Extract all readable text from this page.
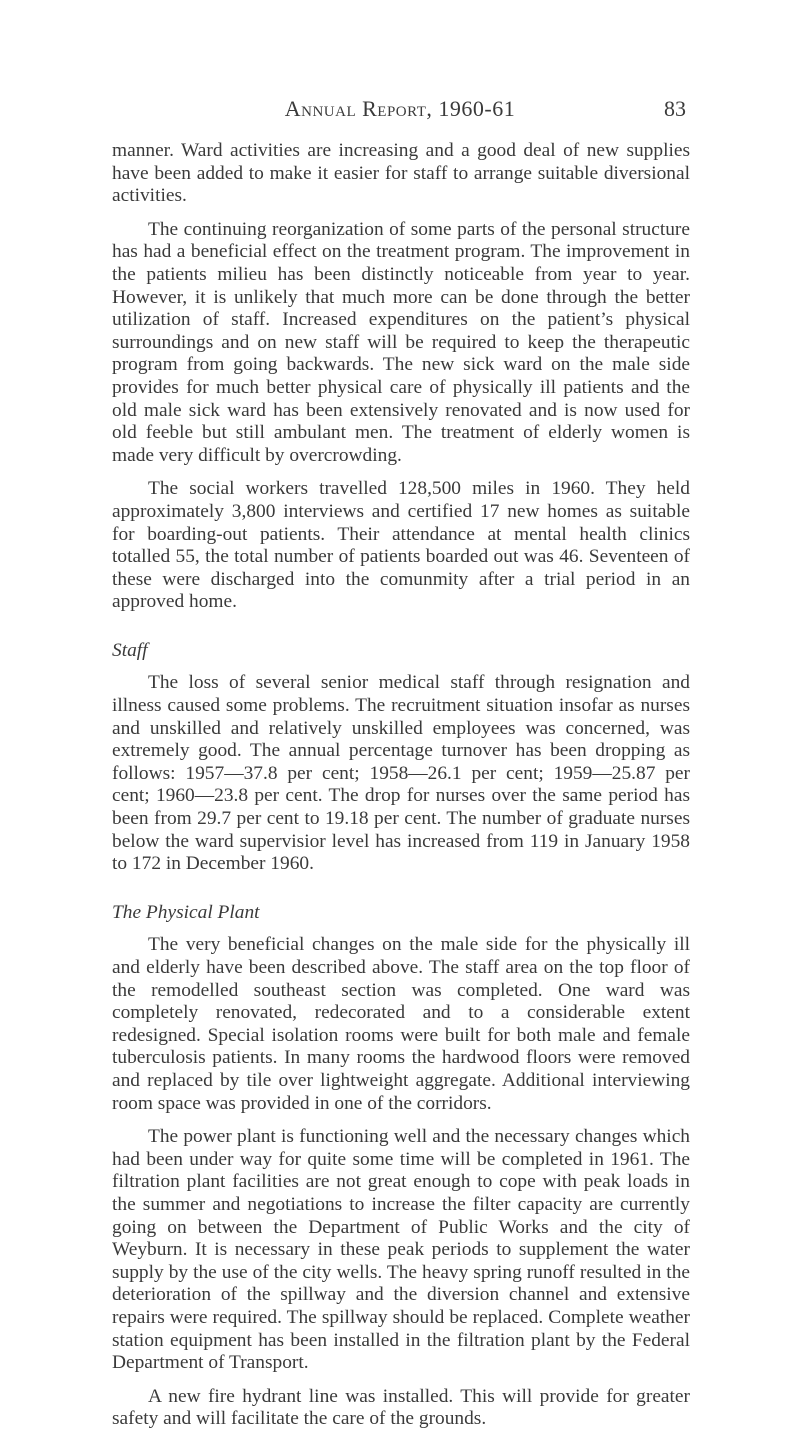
Annual Report, 1960-61	83

manner. Ward activities are increasing and a good deal of new supplies have been added to make it easier for staff to arrange suitable diversional activities.

The continuing reorganization of some parts of the personal structure has had a beneficial effect on the treatment program. The improvement in the patients milieu has been distinctly noticeable from year to year. However, it is unlikely that much more can be done through the better utilization of staff. Increased expenditures on the patient’s physical surroundings and on new staff will be required to keep the therapeutic program from going backwards. The new sick ward on the male side provides for much better physical care of physically ill patients and the old male sick ward has been extensively renovated and is now used for old feeble but still ambulant men. The treatment of elderly women is made very difficult by overcrowding.

The social workers travelled 128,500 miles in 1960. They held approximately 3,800 interviews and certified 17 new homes as suitable for boarding-out patients. Their attendance at mental health clinics totalled 55, the total number of patients boarded out was 46. Seventeen of these were discharged into the comunmity after a trial period in an approved home.

Staff

The loss of several senior medical staff through resignation and illness caused some problems. The recruitment situation insofar as nurses and unskilled and relatively unskilled employees was concerned, was extremely good. The annual percentage turnover has been dropping as follows: 1957—37.8 per cent; 1958—26.1 per cent; 1959—25.87 per cent; 1960—23.8 per cent. The drop for nurses over the same period has been from 29.7 per cent to 19.18 per cent. The number of graduate nurses below the ward supervisior level has increased from 119 in January 1958 to 172 in December 1960.

The Physical Plant

The very beneficial changes on the male side for the physically ill and elderly have been described above. The staff area on the top floor of the remodelled southeast section was completed. One ward was completely renovated, redecorated and to a considerable extent redesigned. Special isolation rooms were built for both male and female tuberculosis patients. In many rooms the hardwood floors were removed and replaced by tile over lightweight aggregate. Additional interviewing room space was provided in one of the corridors.

The power plant is functioning well and the necessary changes which had been under way for quite some time will be completed in 1961. The filtration plant facilities are not great enough to cope with peak loads in the summer and negotiations to increase the filter capacity are currently going on between the Department of Public Works and the city of Weyburn. It is necessary in these peak periods to supplement the water supply by the use of the city wells. The heavy spring runoff resulted in the deterioration of the spillway and the diversion channel and extensive repairs were required. The spillway should be replaced. Complete weather station equipment has been installed in the filtration plant by the Federal Department of Transport.

A new fire hydrant line was installed. This will provide for greater safety and will facilitate the care of the grounds.
